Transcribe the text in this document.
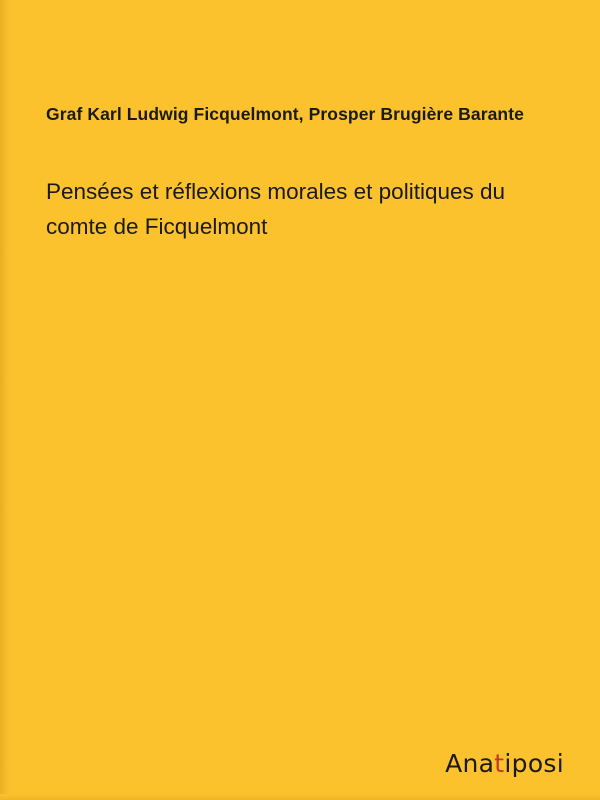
Graf Karl Ludwig Ficquelmont, Prosper Brugière Barante
Pensées et réflexions morales et politiques du comte de Ficquelmont
Anatiposi
